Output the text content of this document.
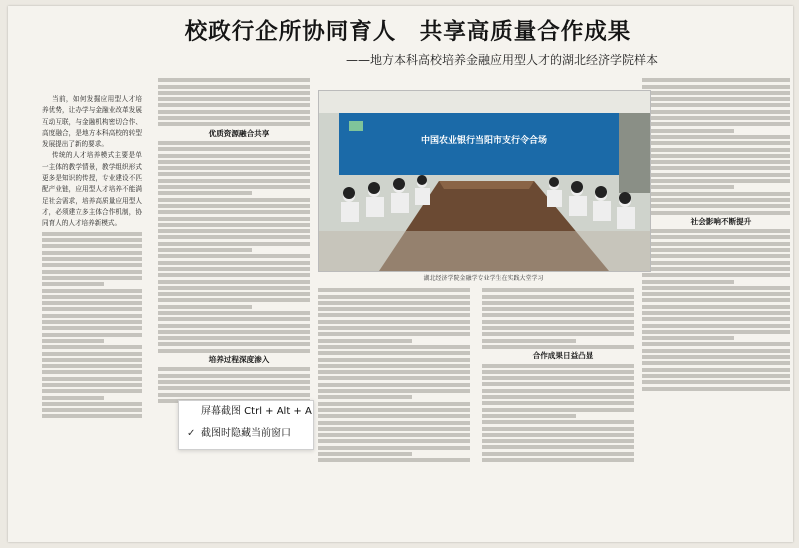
校政行企所协同育人　共享高质量合作成果
——地方本科高校培养金融应用型人才的湖北经济学院样本

当前，如何发掘应用型人才培养优势，让办学与金融业改革发展互动互联，与金融机构密切合作、高度融合，是地方本科高校的转型发展提出了新的要求。

传统的人才培养模式主要是单一主体的教学情景，教学组织形式更多是知识的传授，专业建设不匹配产业链，应用型人才培养不能满足社会需求，培养高质量应用型人才，必须建立多主体合作机制，协同育人的人才培养新模式。

优质资源融合共享

培养过程深度渗入	合作成果日益凸显

社会影响不断提升

中国农业银行当阳市支行令合场
湖北经济学院金融学专业学生在实践大堂学习
屏幕截图 Ctrl + Alt + A
✓ 截图时隐藏当前窗口
